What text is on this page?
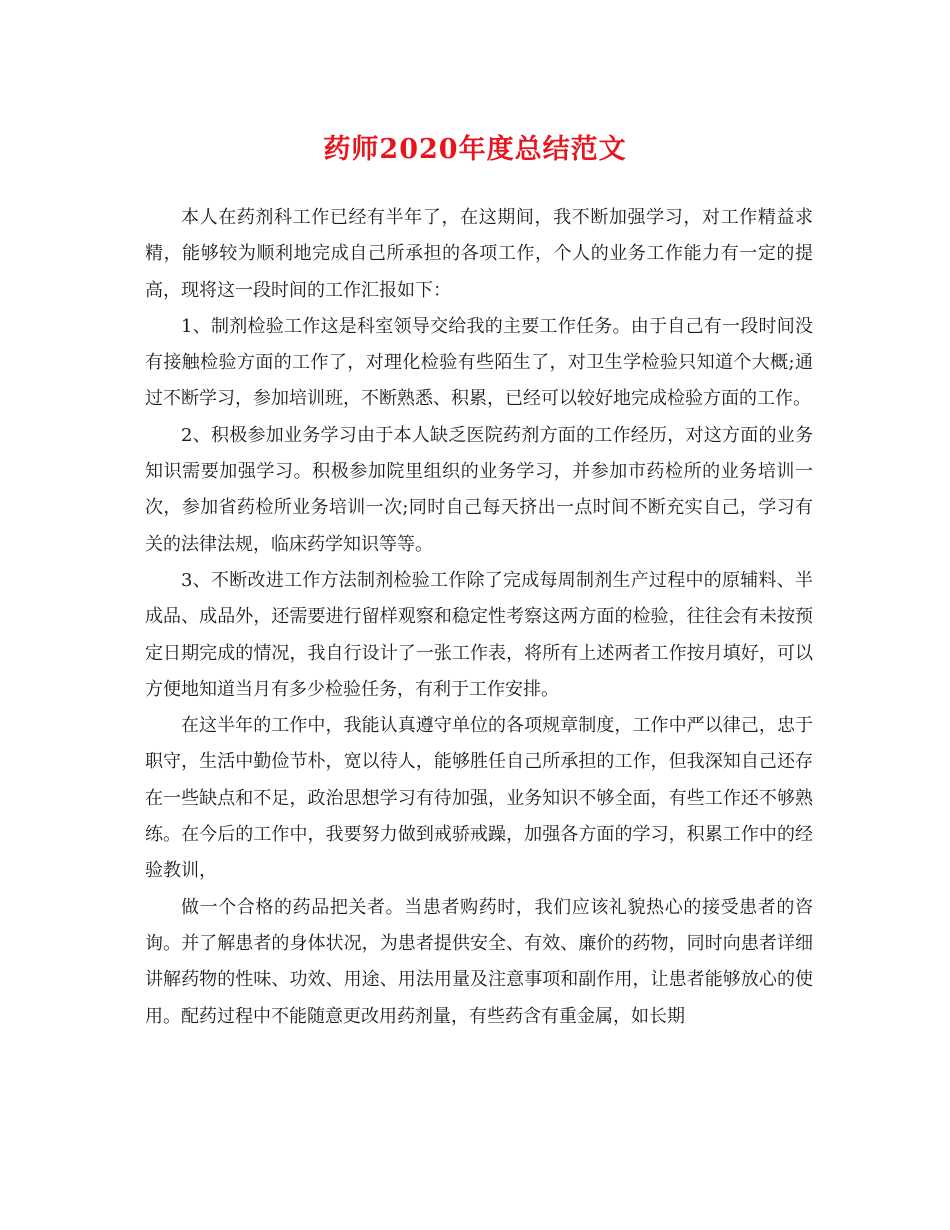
药师2020年度总结范文

本人在药剂科工作已经有半年了，在这期间，我不断加强学习，对工作精益求精，能够较为顺利地完成自己所承担的各项工作，个人的业务工作能力有一定的提高，现将这一段时间的工作汇报如下：

1、制剂检验工作这是科室领导交给我的主要工作任务。由于自己有一段时间没有接触检验方面的工作了，对理化检验有些陌生了，对卫生学检验只知道个大概;通过不断学习，参加培训班，不断熟悉、积累，已经可以较好地完成检验方面的工作。

2、积极参加业务学习由于本人缺乏医院药剂方面的工作经历，对这方面的业务知识需要加强学习。积极参加院里组织的业务学习，并参加市药检所的业务培训一次，参加省药检所业务培训一次;同时自己每天挤出一点时间不断充实自己，学习有关的法律法规，临床药学知识等等。

3、不断改进工作方法制剂检验工作除了完成每周制剂生产过程中的原辅料、半成品、成品外，还需要进行留样观察和稳定性考察这两方面的检验，往往会有未按预定日期完成的情况，我自行设计了一张工作表，将所有上述两者工作按月填好，可以方便地知道当月有多少检验任务，有利于工作安排。

在这半年的工作中，我能认真遵守单位的各项规章制度，工作中严以律己，忠于职守，生活中勤俭节朴，宽以待人，能够胜任自己所承担的工作，但我深知自己还存在一些缺点和不足，政治思想学习有待加强，业务知识不够全面，有些工作还不够熟练。在今后的工作中，我要努力做到戒骄戒躁，加强各方面的学习，积累工作中的经验教训，

做一个合格的药品把关者。当患者购药时，我们应该礼貌热心的接受患者的咨询。并了解患者的身体状况，为患者提供安全、有效、廉价的药物，同时向患者详细讲解药物的性味、功效、用途、用法用量及注意事项和副作用，让患者能够放心的使用。配药过程中不能随意更改用药剂量，有些药含有重金属，如长期
